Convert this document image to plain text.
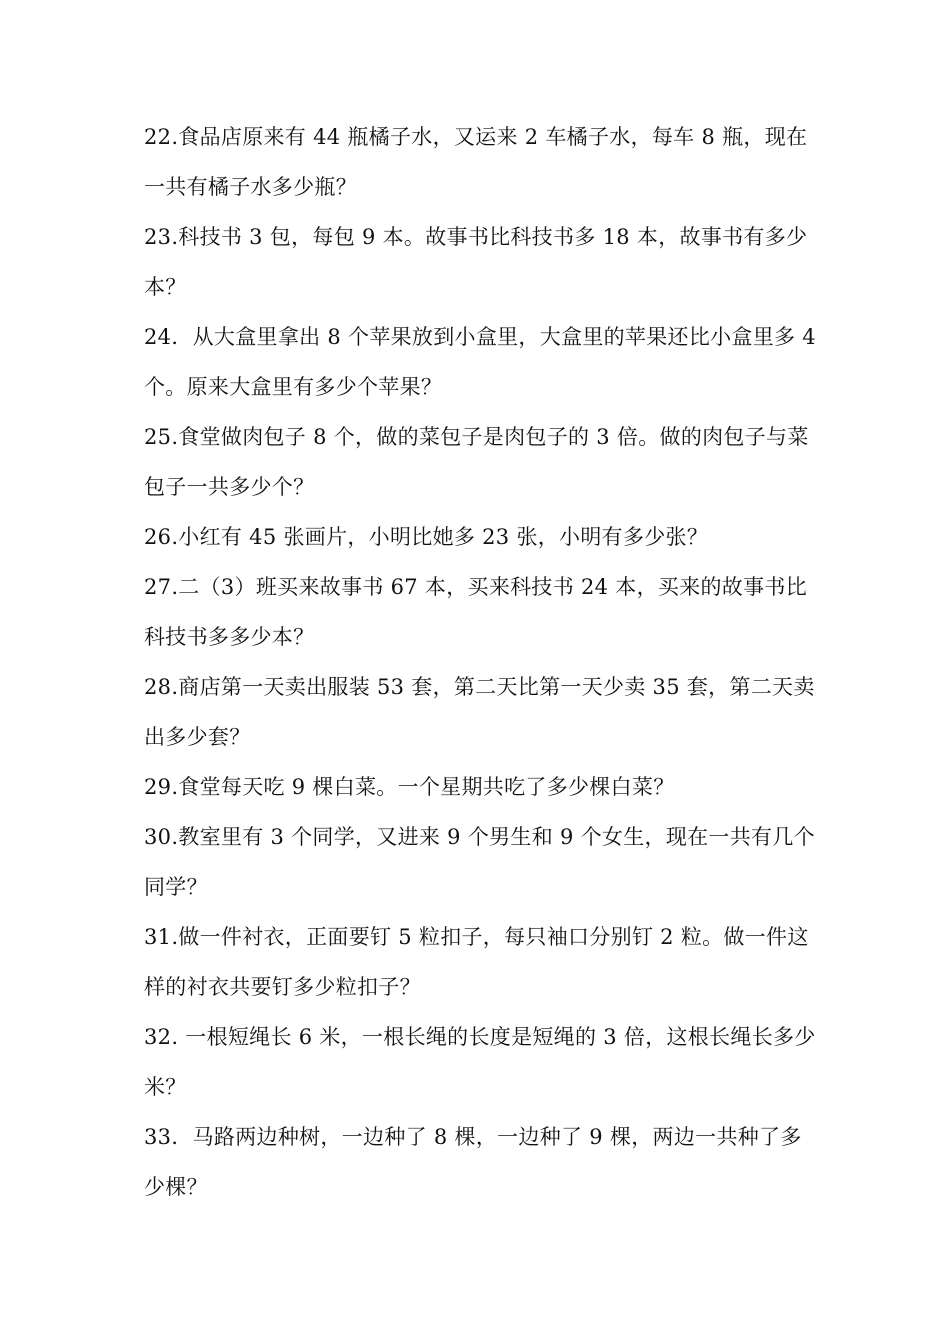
22.食品店原来有 44 瓶橘子水，又运来 2 车橘子水，每车 8 瓶，现在一共有橘子水多少瓶？

23.科技书 3 包，每包 9 本。故事书比科技书多 18 本，故事书有多少本？

24．从大盒里拿出 8 个苹果放到小盒里，大盒里的苹果还比小盒里多 4 个。原来大盒里有多少个苹果？

25.食堂做肉包子 8 个，做的菜包子是肉包子的 3 倍。做的肉包子与菜包子一共多少个？

26.小红有 45 张画片，小明比她多 23 张，小明有多少张？

27.二（3）班买来故事书 67 本，买来科技书 24 本，买来的故事书比科技书多多少本？

28.商店第一天卖出服装 53 套，第二天比第一天少卖 35 套，第二天卖出多少套？

29.食堂每天吃 9 棵白菜。一个星期共吃了多少棵白菜？

30.教室里有 3 个同学，又进来 9 个男生和 9 个女生，现在一共有几个同学？

31.做一件衬衣，正面要钉 5 粒扣子，每只袖口分别钉 2 粒。做一件这样的衬衣共要钉多少粒扣子？

32. 一根短绳长 6 米，一根长绳的长度是短绳的 3 倍，这根长绳长多少米？

33．马路两边种树，一边种了 8 棵，一边种了 9 棵，两边一共种了多少棵？
